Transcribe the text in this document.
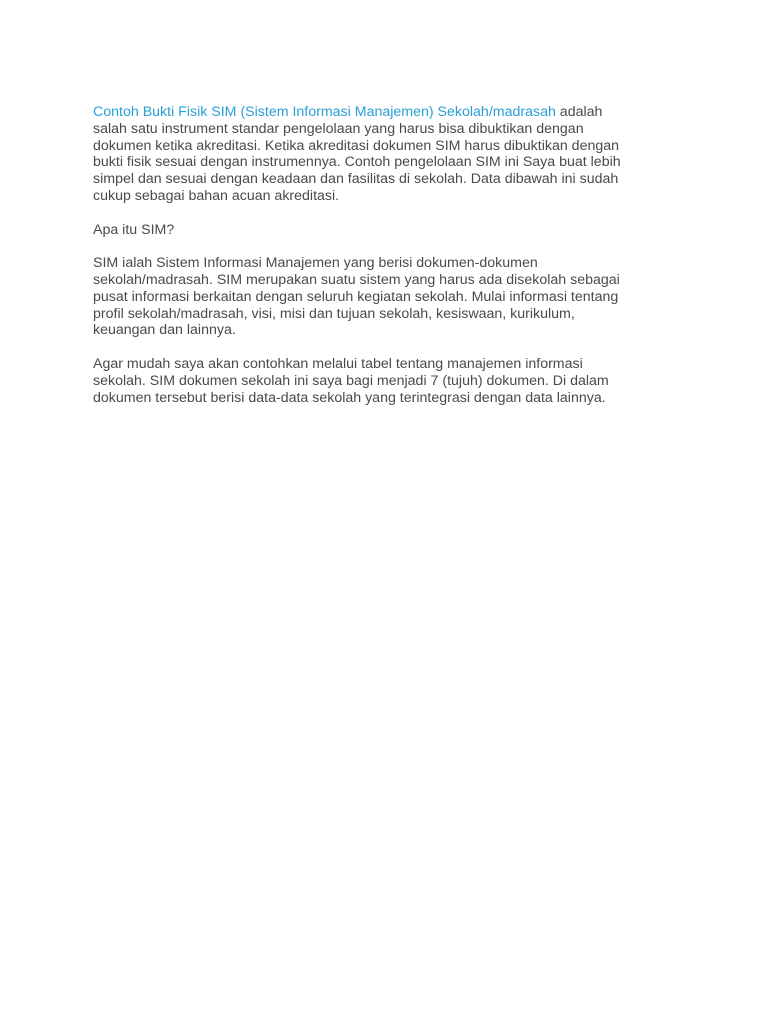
Contoh Bukti Fisik SIM (Sistem Informasi Manajemen) Sekolah/madrasah adalah
salah satu instrument standar pengelolaan yang harus bisa dibuktikan dengan
dokumen ketika akreditasi. Ketika akreditasi dokumen SIM harus dibuktikan dengan
bukti fisik sesuai dengan instrumennya. Contoh pengelolaan SIM ini Saya buat lebih
simpel dan sesuai dengan keadaan dan fasilitas di sekolah. Data dibawah ini sudah
cukup sebagai bahan acuan akreditasi.

Apa itu SIM?

SIM ialah Sistem Informasi Manajemen yang berisi dokumen-dokumen
sekolah/madrasah. SIM merupakan suatu sistem yang harus ada disekolah sebagai
pusat informasi berkaitan dengan seluruh kegiatan sekolah. Mulai informasi tentang
profil sekolah/madrasah, visi, misi dan tujuan sekolah, kesiswaan, kurikulum,
keuangan dan lainnya.

Agar mudah saya akan contohkan melalui tabel tentang manajemen informasi
sekolah. SIM dokumen sekolah ini saya bagi menjadi 7 (tujuh) dokumen. Di dalam
dokumen tersebut berisi data-data sekolah yang terintegrasi dengan data lainnya.
